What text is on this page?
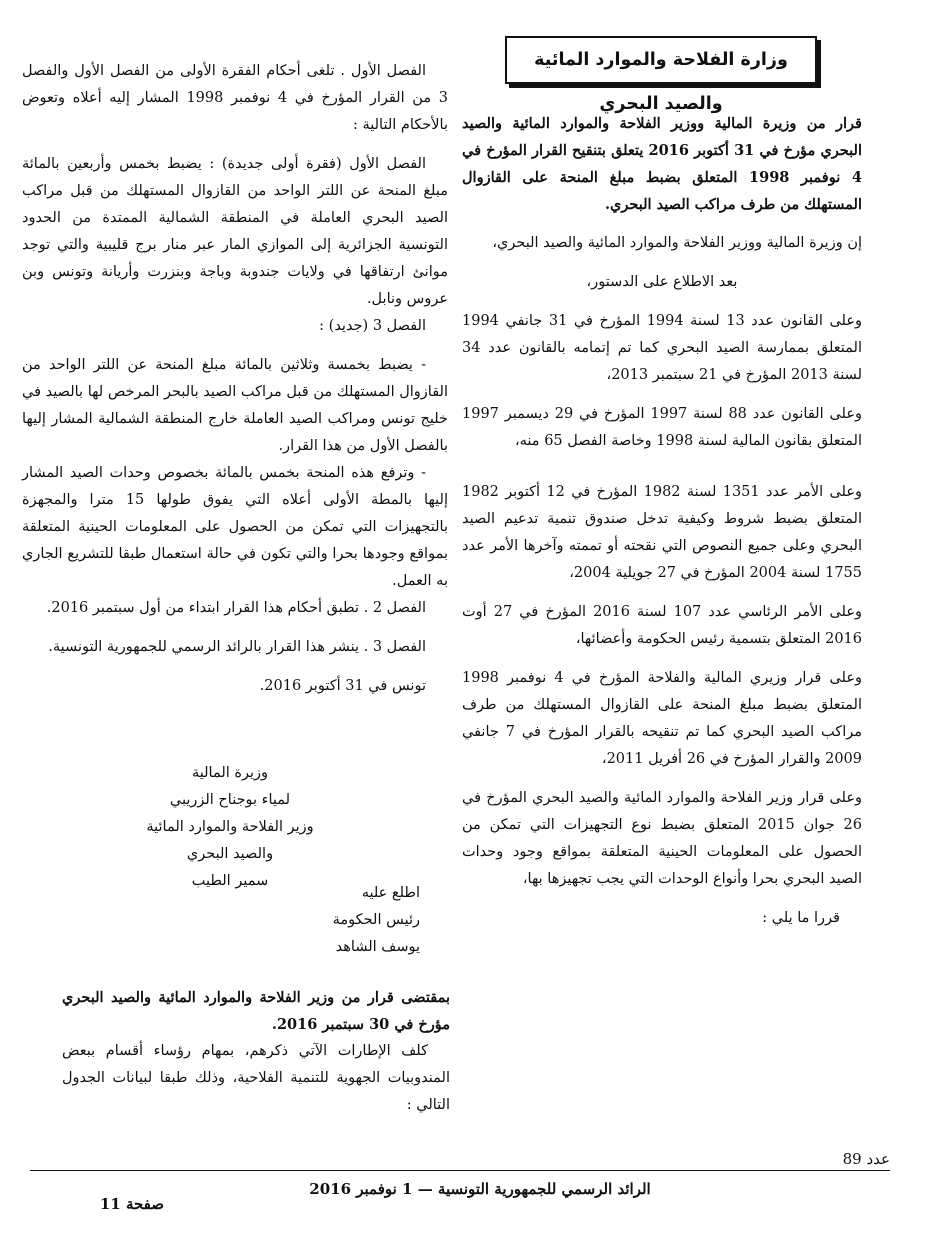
وزارة الفلاحة والموارد المائية والصيد البحري

قرار من وزيرة المالية ووزير الفلاحة والموارد المائية والصيد البحري مؤرخ في 31 أكتوبر 2016 يتعلق بتنقيح القرار المؤرخ في 4 نوفمبر 1998 المتعلق بضبط مبلغ المنحة على القازوال المستهلك من طرف مراكب الصيد البحري.

إن وزيرة المالية ووزير الفلاحة والموارد المائية والصيد البحري،

بعد الاطلاع على الدستور،

وعلى القانون عدد 13 لسنة 1994 المؤرخ في 31 جانفي 1994 المتعلق بممارسة الصيد البحري كما تم إتمامه بالقانون عدد 34 لسنة 2013 المؤرخ في 21 سبتمبر 2013،

وعلى القانون عدد 88 لسنة 1997 المؤرخ في 29 ديسمبر 1997 المتعلق بقانون المالية لسنة 1998 وخاصة الفصل 65 منه،

وعلى الأمر عدد 1351 لسنة 1982 المؤرخ في 12 أكتوبر 1982 المتعلق بضبط شروط وكيفية تدخل صندوق تنمية تدعيم الصيد البحري وعلى جميع النصوص التي نقحته أو تممته وآخرها الأمر عدد 1755 لسنة 2004 المؤرخ في 27 جويلية 2004،

وعلى الأمر الرئاسي عدد 107 لسنة 2016 المؤرخ في 27 أوت 2016 المتعلق بتسمية رئيس الحكومة وأعضائها،

وعلى قرار وزيري المالية والفلاحة المؤرخ في 4 نوفمبر 1998 المتعلق بضبط مبلغ المنحة على القازوال المستهلك من طرف مراكب الصيد البحري كما تم تنقيحه بالقرار المؤرخ في 7 جانفي 2009 والقرار المؤرخ في 26 أفريل 2011،

وعلى قرار وزير الفلاحة والموارد المائية والصيد البحري المؤرخ في 26 جوان 2015 المتعلق بضبط نوع التجهيزات التي تمكن من الحصول على المعلومات الحينية المتعلقة بمواقع وجود وحدات الصيد البحري بحرا وأنواع الوحدات التي يجب تجهيزها بها،

قررا ما يلي :

الفصل الأول . تلغى أحكام الفقرة الأولى من الفصل الأول والفصل 3 من القرار المؤرخ في 4 نوفمبر 1998 المشار إليه أعلاه وتعوض بالأحكام التالية :

الفصل الأول (فقرة أولى جديدة) : يضبط بخمس وأربعين بالمائة مبلغ المنحة عن اللتر الواحد من القازوال المستهلك من قبل مراكب الصيد البحري العاملة في المنطقة الشمالية الممتدة من الحدود التونسية الجزائرية إلى الموازي المار عبر منار برج قليبية والتي توجد موانئ ارتفاقها في ولايات جندوبة وباجة وبنزرت وأريانة وتونس وبن عروس ونابل.

الفصل 3 (جديد) :

- يضبط بخمسة وثلاثين بالمائة مبلغ المنحة عن اللتر الواحد من القازوال المستهلك من قبل مراكب الصيد بالبحر المرخص لها بالصيد في خليج تونس ومراكب الصيد العاملة خارج المنطقة الشمالية المشار إليها بالفصل الأول من هذا القرار.

- وترفع هذه المنحة بخمس بالمائة بخصوص وحدات الصيد المشار إليها بالمطة الأولى أعلاه التي يفوق طولها 15 مترا والمجهزة بالتجهيزات التي تمكن من الحصول على المعلومات الحينية المتعلقة بمواقع وجودها بحرا والتي تكون في حالة استعمال طبقا للتشريع الجاري به العمل.

الفصل 2 . تطبق أحكام هذا القرار ابتداء من أول سبتمبر 2016.

الفصل 3 . ينشر هذا القرار بالرائد الرسمي للجمهورية التونسية.

تونس في 31 أكتوبر 2016.

وزيرة المالية

لمياء بوجناح الزريبي

وزير الفلاحة والموارد المائية

والصيد البحري

سمير الطيب

اطلع عليه

رئيس الحكومة

يوسف الشاهد

بمقتضى قرار من وزير الفلاحة والموارد المائية والصيد البحري مؤرخ في 30 سبتمبر 2016.

كلف الإطارات الآتي ذكرهم، بمهام رؤساء أقسام ببعض المندوبيات الجهوية للتنمية الفلاحية، وذلك طبقا لبيانات الجدول التالي :

عدد 89
الرائد الرسمي للجمهورية التونسية — 1 نوفمبر 2016
صفحة 11
